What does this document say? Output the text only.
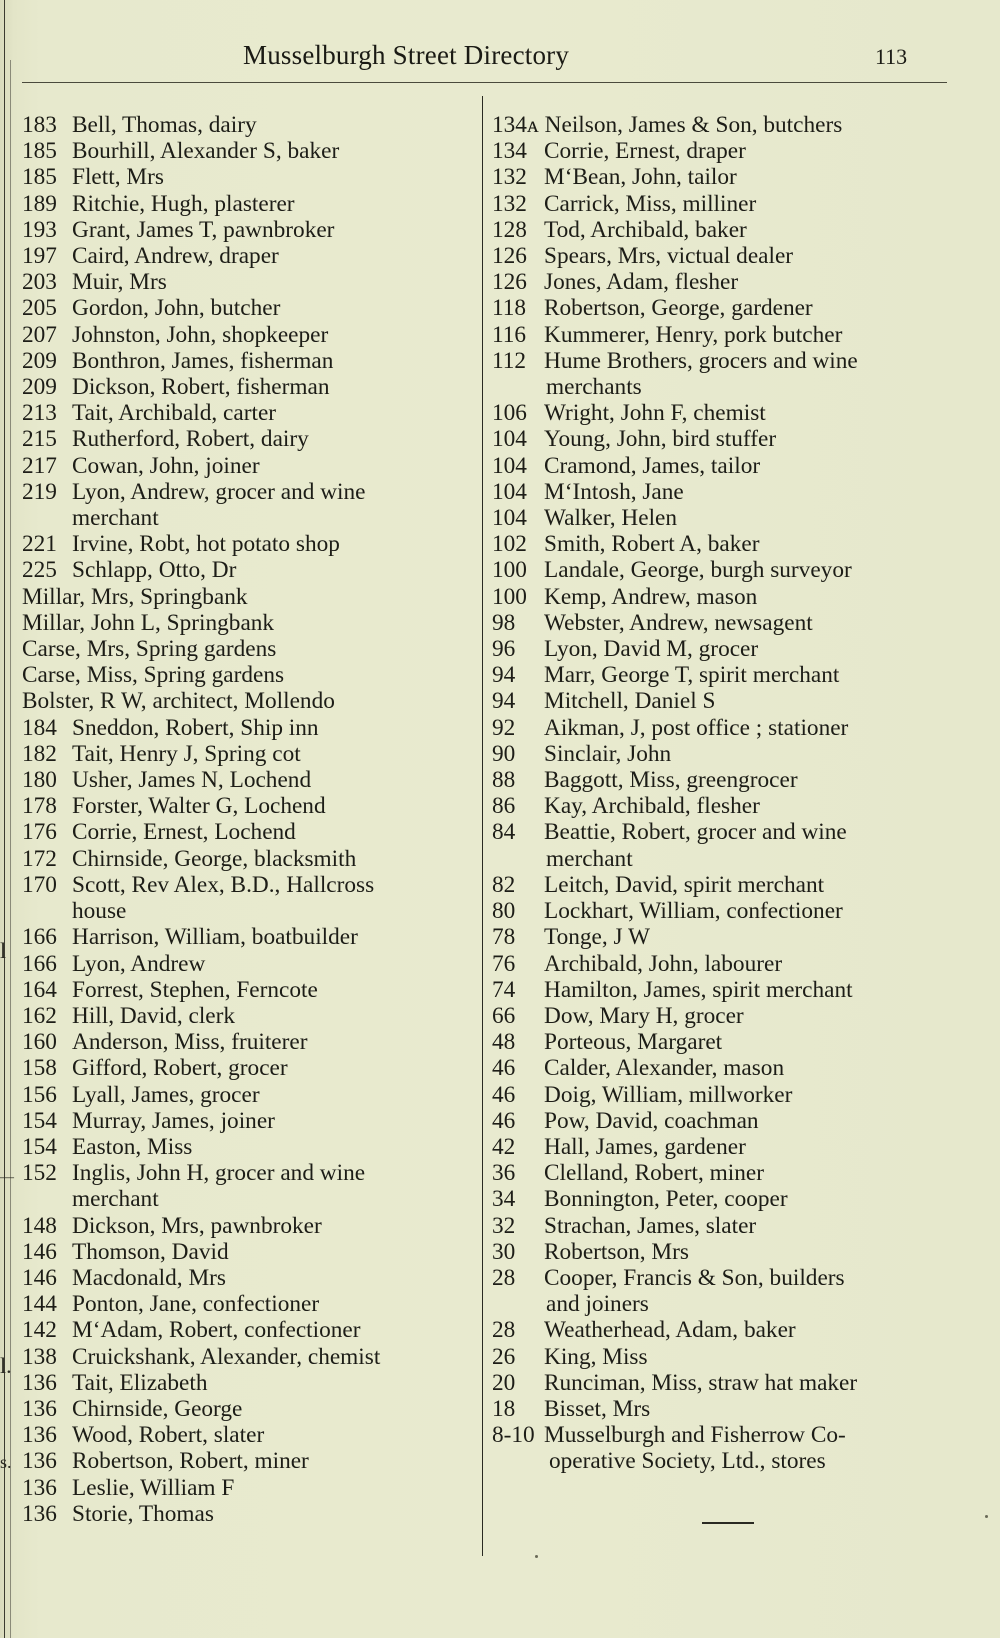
l
—
l.
s.
Musselburgh Street Directory	113
183 Bell, Thomas, dairy
185 Bourhill, Alexander S, baker
185 Flett, Mrs
189 Ritchie, Hugh, plasterer
193 Grant, James T, pawnbroker
197 Caird, Andrew, draper
203 Muir, Mrs
205 Gordon, John, butcher
207 Johnston, John, shopkeeper
209 Bonthron, James, fisherman
209 Dickson, Robert, fisherman
213 Tait, Archibald, carter
215 Rutherford, Robert, dairy
217 Cowan, John, joiner
219 Lyon, Andrew, grocer and wine
merchant
221 Irvine, Robt, hot potato shop
225 Schlapp, Otto, Dr
Millar, Mrs, Springbank
Millar, John L, Springbank
Carse, Mrs, Spring gardens
Carse, Miss, Spring gardens
Bolster, R W, architect, Mollendo
184 Sneddon, Robert, Ship inn
182 Tait, Henry J, Spring cot
180 Usher, James N, Lochend
178 Forster, Walter G, Lochend
176 Corrie, Ernest, Lochend
172 Chirnside, George, blacksmith
170 Scott, Rev Alex, B.D., Hallcross
house
166 Harrison, William, boatbuilder
166 Lyon, Andrew
164 Forrest, Stephen, Ferncote
162 Hill, David, clerk
160 Anderson, Miss, fruiterer
158 Gifford, Robert, grocer
156 Lyall, James, grocer
154 Murray, James, joiner
154 Easton, Miss
152 Inglis, John H, grocer and wine
merchant
148 Dickson, Mrs, pawnbroker
146 Thomson, David
146 Macdonald, Mrs
144 Ponton, Jane, confectioner
142 M‘Adam, Robert, confectioner
138 Cruickshank, Alexander, chemist
136 Tait, Elizabeth
136 Chirnside, George
136 Wood, Robert, slater
136 Robertson, Robert, miner
136 Leslie, William F
136 Storie, Thomas
134ᴀ Neilson, James & Son, butchers
134 Corrie, Ernest, draper
132 M‘Bean, John, tailor
132 Carrick, Miss, milliner
128 Tod, Archibald, baker
126 Spears, Mrs, victual dealer
126 Jones, Adam, flesher
118 Robertson, George, gardener
116 Kummerer, Henry, pork butcher
112 Hume Brothers, grocers and wine
merchants
106 Wright, John F, chemist
104 Young, John, bird stuffer
104 Cramond, James, tailor
104 M‘Intosh, Jane
104 Walker, Helen
102 Smith, Robert A, baker
100 Landale, George, burgh surveyor
100 Kemp, Andrew, mason
98 Webster, Andrew, newsagent
96 Lyon, David M, grocer
94 Marr, George T, spirit merchant
94 Mitchell, Daniel S
92 Aikman, J, post office ; stationer
90 Sinclair, John
88 Baggott, Miss, greengrocer
86 Kay, Archibald, flesher
84 Beattie, Robert, grocer and wine
merchant
82 Leitch, David, spirit merchant
80 Lockhart, William, confectioner
78 Tonge, J W
76 Archibald, John, labourer
74 Hamilton, James, spirit merchant
66 Dow, Mary H, grocer
48 Porteous, Margaret
46 Calder, Alexander, mason
46 Doig, William, millworker
46 Pow, David, coachman
42 Hall, James, gardener
36 Clelland, Robert, miner
34 Bonnington, Peter, cooper
32 Strachan, James, slater
30 Robertson, Mrs
28 Cooper, Francis & Son, builders
and joiners
28 Weatherhead, Adam, baker
26 King, Miss
20 Runciman, Miss, straw hat maker
18 Bisset, Mrs
8-10 Musselburgh and Fisherrow Co-
operative Society, Ltd., stores
